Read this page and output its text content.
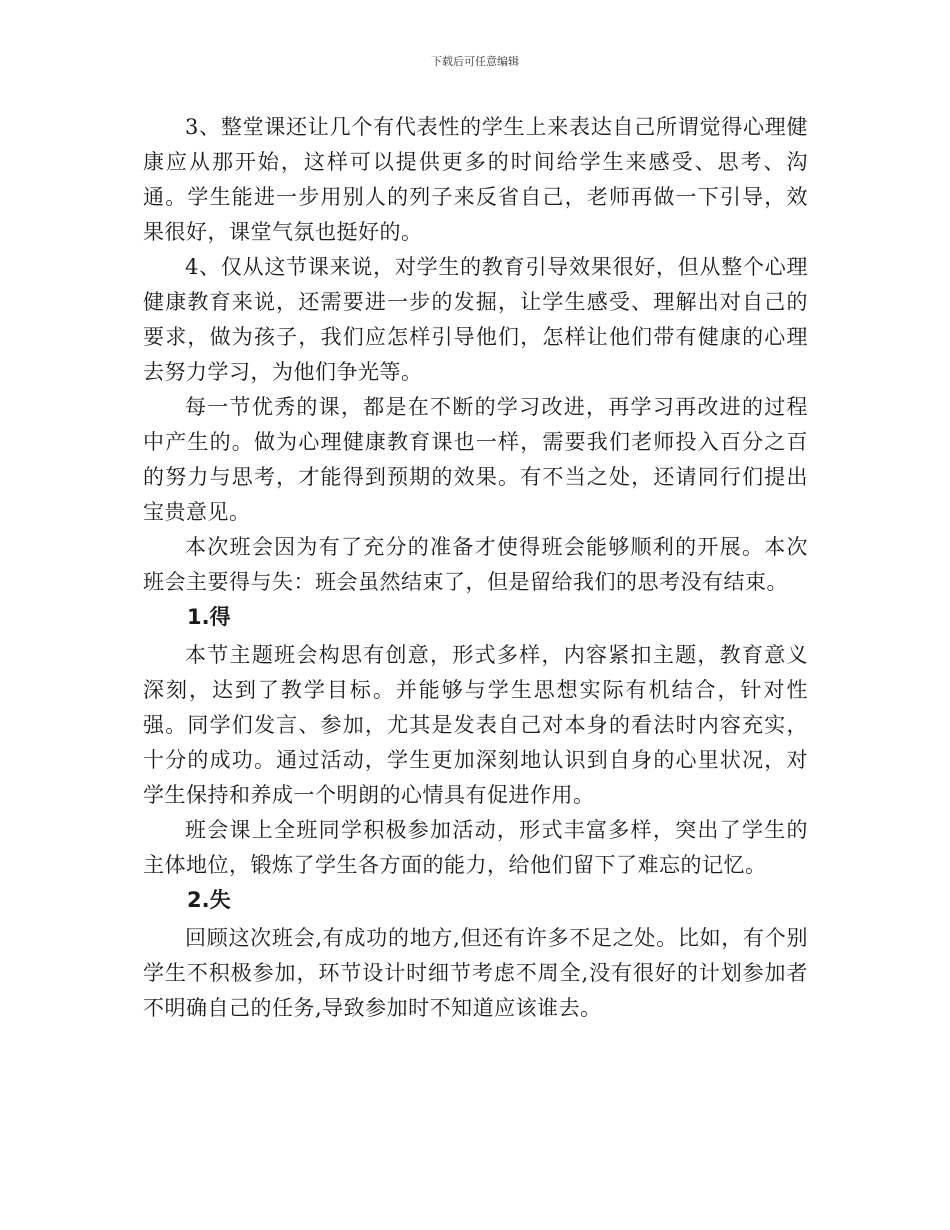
下载后可任意编辑

3、整堂课还让几个有代表性的学生上来表达自己所谓觉得心理健康应从那开始，这样可以提供更多的时间给学生来感受、思考、沟通。学生能进一步用别人的列子来反省自己，老师再做一下引导，效果很好，课堂气氛也挺好的。

4、仅从这节课来说，对学生的教育引导效果很好，但从整个心理健康教育来说，还需要进一步的发掘，让学生感受、理解出对自己的要求，做为孩子，我们应怎样引导他们，怎样让他们带有健康的心理去努力学习，为他们争光等。

每一节优秀的课，都是在不断的学习改进，再学习再改进的过程中产生的。做为心理健康教育课也一样，需要我们老师投入百分之百的努力与思考，才能得到预期的效果。有不当之处，还请同行们提出宝贵意见。

本次班会因为有了充分的准备才使得班会能够顺利的开展。本次班会主要得与失：班会虽然结束了，但是留给我们的思考没有结束。

1.得

本节主题班会构思有创意，形式多样，内容紧扣主题，教育意义深刻，达到了教学目标。并能够与学生思想实际有机结合，针对性强。同学们发言、参加，尤其是发表自己对本身的看法时内容充实，十分的成功。通过活动，学生更加深刻地认识到自身的心里状况，对学生保持和养成一个明朗的心情具有促进作用。

班会课上全班同学积极参加活动，形式丰富多样，突出了学生的主体地位，锻炼了学生各方面的能力，给他们留下了难忘的记忆。

2.失

回顾这次班会,有成功的地方,但还有许多不足之处。比如，有个别学生不积极参加，环节设计时细节考虑不周全,没有很好的计划参加者不明确自己的任务,导致参加时不知道应该谁去。
